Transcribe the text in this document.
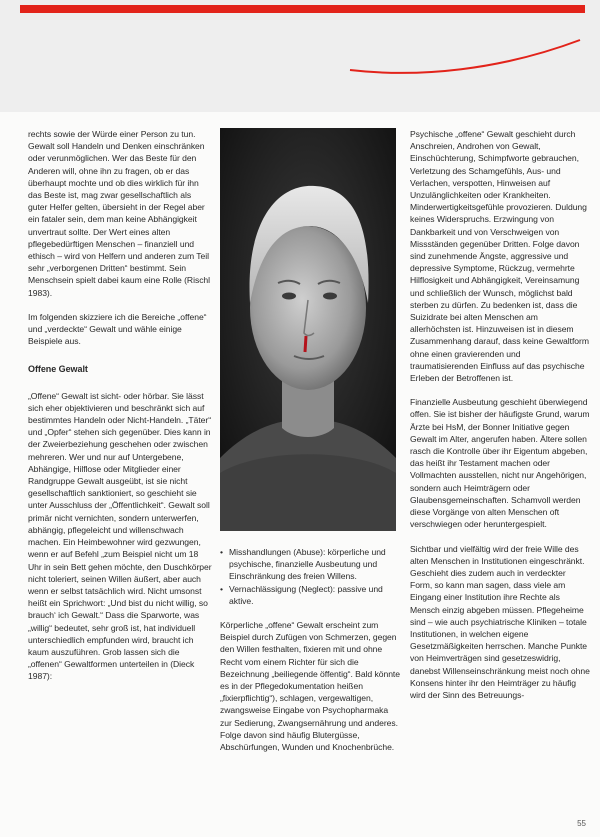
rechts sowie der Würde einer Person zu tun. Gewalt soll Handeln und Denken einschränken oder verunmöglichen. Wer das Beste für den Anderen will, ohne ihn zu fragen, ob er das überhaupt mochte und ob dies wirklich für ihn das Beste ist, mag zwar gesellschaftlich als guter Helfer gelten, übersieht in der Regel aber ein fataler sein, dem man keine Abhängigkeit unvertraut sollte. Der Wert eines alten pflegebedürftigen Menschen – finanziell und ethisch – wird von Helfern und anderen zum Teil sehr „verborgenen Dritten“ bestimmt. Sein Menschsein spielt dabei kaum eine Rolle (Rischl 1983).

Im folgenden skizziere ich die Bereiche „offene“ und „verdeckte“ Gewalt und wähle einige Beispiele aus.

Offene Gewalt

„Offene“ Gewalt ist sicht- oder hörbar. Sie lässt sich eher objektivieren und beschränkt sich auf bestimmtes Handeln oder Nicht-Handeln. „Täter“ und „Opfer“ stehen sich gegenüber. Dies kann in der Zweierbeziehung geschehen oder zwischen mehreren. Wer und nur auf Untergebene, Abhängige, Hilflose oder Mitglieder einer Randgruppe Gewalt ausgeübt, ist sie nicht gesellschaftlich sanktioniert, so geschieht sie unter Ausschluss der „Öffentlichkeit“. Gewalt soll primär nicht vernichten, sondern unterwerfen, abhängig, pflegeleicht und willenschwach machen. Ein Heimbewohner wird gezwungen, wenn er auf Befehl „zum Beispiel nicht um 18 Uhr in sein Bett gehen möchte, den Duschkörper nicht toleriert, seinen Willen äußert, aber auch wenn er selbst tatsächlich wird. Nicht umsonst heißt ein Sprichwort: „Und bist du nicht willig, so brauch‘ ich Gewalt.“ Dass die Sparworte, was „willig“ bedeutet, sehr groß ist, hat individuell unterschiedlich empfunden wird, braucht ich kaum auszuführen. Grob lassen sich die „offenen“ Gewaltformen unterteilen in (Dieck 1987):

• Misshandlungen (Abuse): körperliche und psychische, finanzielle Ausbeutung und Einschränkung des freien Willens.
• Vernachlässigung (Neglect): passive und aktive.

Körperliche „offene“ Gewalt erscheint zum Beispiel durch Zufügen von Schmerzen, gegen den Willen festhalten, fixieren mit und ohne Recht vom einem Richter für sich die Bezeichnung „beiliegende öffentig“. Bald könnte es in der Pflegedokumentation heißen „fixierpflichtig“), schlagen, vergewaltigen, zwangsweise Eingabe von Psychopharmaka zur Sedierung, Zwangsernährung und anderes. Folge davon sind häufig Blutergüsse, Abschürfungen, Wunden und Knochenbrüche.

Psychische „offene“ Gewalt geschieht durch Anschreien, Androhen von Gewalt, Einschüchterung, Schimpfworte gebrauchen, Verletzung des Schamgefühls, Aus- und Verlachen, verspotten, Hinweisen auf Unzulänglichkeiten oder Krankheiten. Minderwertigkeitsgefühle provozieren. Duldung keines Widerspruchs. Erzwingung von Dankbarkeit und von Verschweigen von Missständen gegenüber Dritten. Folge davon sind zunehmende Ängste, aggressive und depressive Symptome, Rückzug, vermehrte Hilflosigkeit und Abhängigkeit, Vereinsamung und schließlich der Wunsch, möglichst bald sterben zu dürfen. Zu bedenken ist, dass die Suizidrate bei alten Menschen am allerhöchsten ist. Hinzuweisen ist in diesem Zusammenhang darauf, dass keine Gewaltform ohne einen gravierenden und traumatisierenden Einfluss auf das psychische Erleben der Betroffenen ist.

Finanzielle Ausbeutung geschieht überwiegend offen. Sie ist bisher der häufigste Grund, warum Ärzte bei HsM, der Bonner Initiative gegen Gewalt im Alter, angerufen haben. Ältere sollen rasch die Kontrolle über ihr Eigentum abgeben, das heißt ihr Testament machen oder Vollmachten ausstellen, nicht nur Angehörigen, sondern auch Heimträgern oder Glaubensgemeinschaften. Schamvoll werden diese Vorgänge von alten Menschen oft verschwiegen oder heruntergespielt.

Sichtbar und vielfältig wird der freie Wille des alten Menschen in Institutionen eingeschränkt. Geschieht dies zudem auch in verdeckter Form, so kann man sagen, dass viele am Eingang einer Institution ihre Rechte als Mensch einzig abgeben müssen. Pflegeheime sind – wie auch psychiatrische Kliniken – totale Institutionen, in welchen eigene Gesetzmäßigkeiten herrschen. Manche Punkte von Heimverträgen sind gesetzeswidrig, danebst Willenseinschränkung meist noch ohne Konsens hinter ihr den Heimträger zu häufig wird der Sinn des Betreuungs-

55
